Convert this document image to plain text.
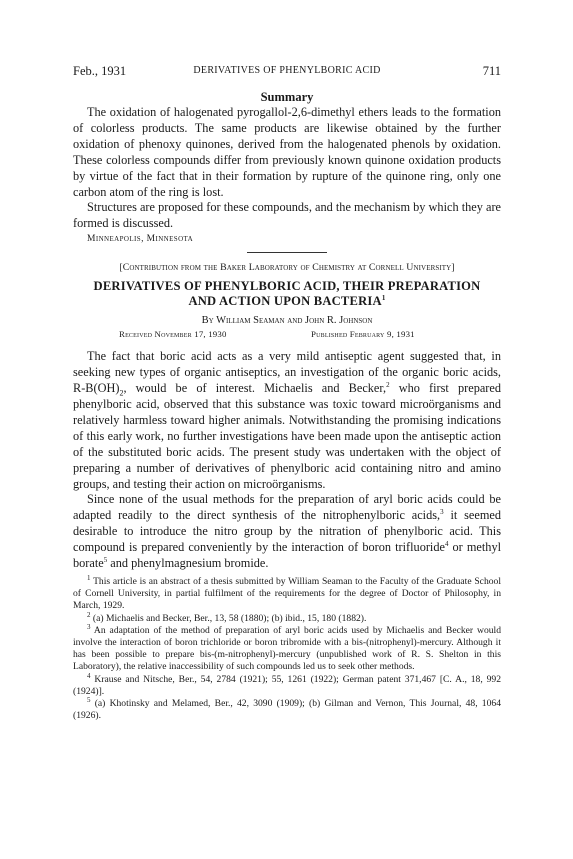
Feb., 1931	DERIVATIVES OF PHENYLBORIC ACID	711
Summary

The oxidation of halogenated pyrogallol-2,6-dimethyl ethers leads to the formation of colorless products. The same products are likewise obtained by the further oxidation of phenoxy quinones, derived from the halogenated phenols by oxidation. These colorless compounds differ from previously known quinone oxidation products by virtue of the fact that in their formation by rupture of the quinone ring, only one carbon atom of the ring is lost.

Structures are proposed for these compounds, and the mechanism by which they are formed is discussed.

Minneapolis, Minnesota
[Contribution from the Baker Laboratory of Chemistry at Cornell University]
DERIVATIVES OF PHENYLBORIC ACID, THEIR PREPARATION
AND ACTION UPON BACTERIA$^1$
By William Seaman and John R. Johnson
Received November 17, 1930	Published February 9, 1931

The fact that boric acid acts as a very mild antiseptic agent suggested that, in seeking new types of organic antiseptics, an investigation of the organic boric acids, $R-B(OH)_2$, would be of interest. Michaelis and Becker,$^2$ who first prepared phenylboric acid, observed that this substance was toxic toward microörganisms and relatively harmless toward higher animals. Notwithstanding the promising indications of this early work, no further investigations have been made upon the antiseptic action of the substituted boric acids. The present study was undertaken with the object of preparing a number of derivatives of phenylboric acid containing nitro and amino groups, and testing their action on microörganisms.

Since none of the usual methods for the preparation of aryl boric acids could be adapted readily to the direct synthesis of the nitrophenylboric acids,$^3$ it seemed desirable to introduce the nitro group by the nitration of phenylboric acid. This compound is prepared conveniently by the interaction of boron trifluoride$^4$ or methyl borate$^5$ and phenylmagnesium bromide.

$^1$ This article is an abstract of a thesis submitted by William Seaman to the Faculty of the Graduate School of Cornell University, in partial fulfilment of the requirements for the degree of Doctor of Philosophy, in March, 1929.

$^2$ (a) Michaelis and Becker, Ber., 13, 58 (1880); (b) ibid., 15, 180 (1882).

$^3$ An adaptation of the method of preparation of aryl boric acids used by Michaelis and Becker would involve the interaction of boron trichloride or boron tribromide with a bis-(nitrophenyl)-mercury. Although it has been possible to prepare bis-(m-nitrophenyl)-mercury (unpublished work of R. S. Shelton in this Laboratory), the relative inaccessibility of such compounds led us to seek other methods.

$^4$ Krause and Nitsche, Ber., 54, 2784 (1921); 55, 1261 (1922); German patent 371,467 [C. A., 18, 992 (1924)].

$^5$ (a) Khotinsky and Melamed, Ber., 42, 3090 (1909); (b) Gilman and Vernon, This Journal, 48, 1064 (1926).
